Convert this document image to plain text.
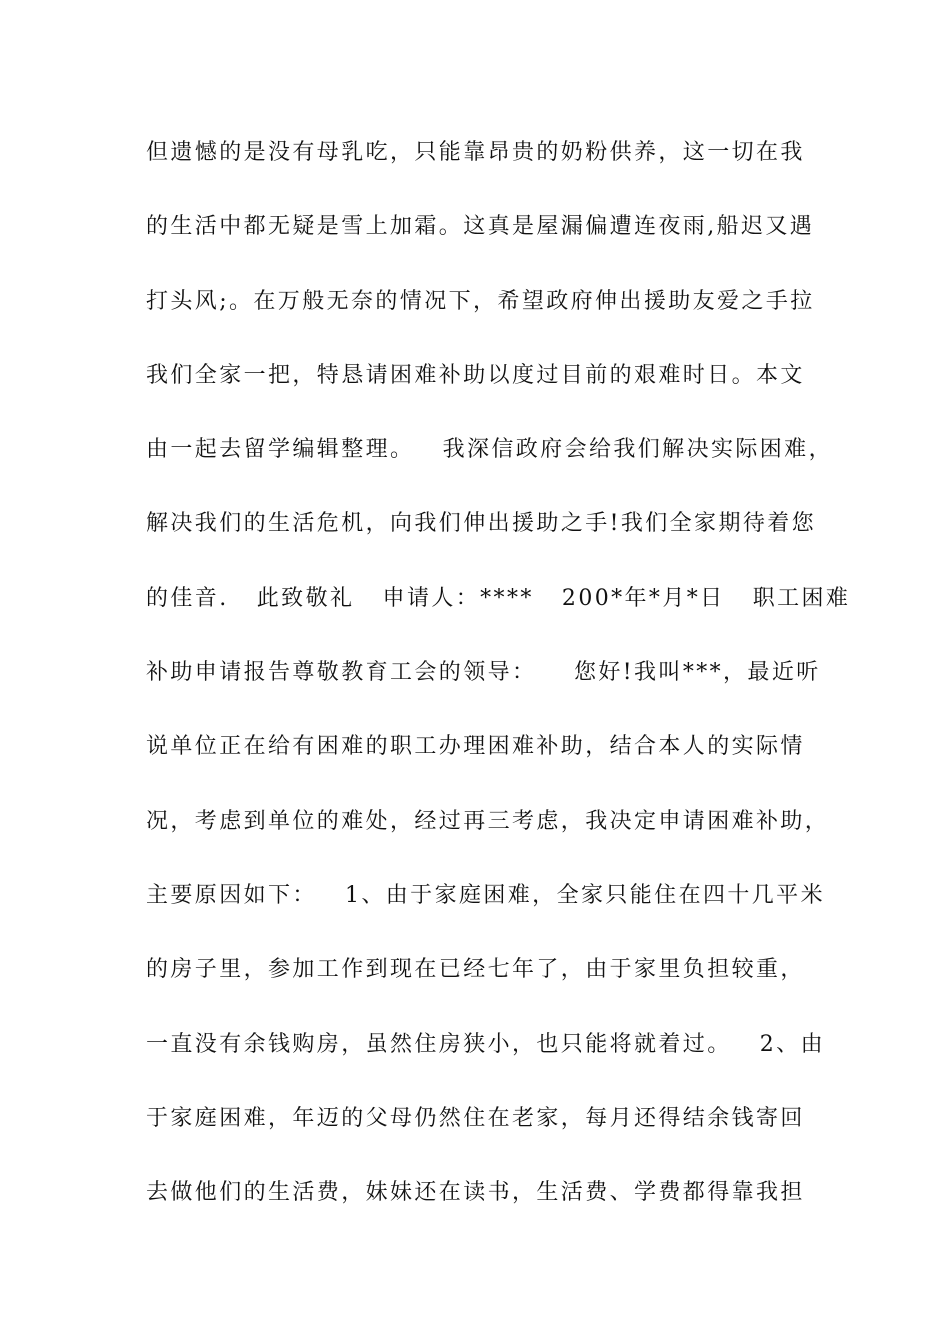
但遗憾的是没有母乳吃，只能靠昂贵的奶粉供养，这一切在我
的生活中都无疑是雪上加霜。这真是屋漏偏遭连夜雨,船迟又遇
打头风;。在万般无奈的情况下，希望政府伸出援助友爱之手拉
我们全家一把，特恳请困难补助以度过目前的艰难时日。本文
由一起去留学编辑整理。   我深信政府会给我们解决实际困难，
解决我们的生活危机，向我们伸出援助之手!我们全家期待着您
的佳音.   此致敬礼   申请人：****   200*年*月*日   职工困难
补助申请报告尊敬教育工会的领导：    您好!我叫***，最近听
说单位正在给有困难的职工办理困难补助，结合本人的实际情
况，考虑到单位的难处，经过再三考虑，我决定申请困难补助，
主要原因如下：   1、由于家庭困难，全家只能住在四十几平米
的房子里，参加工作到现在已经七年了，由于家里负担较重，
一直没有余钱购房，虽然住房狭小，也只能将就着过。   2、由
于家庭困难，年迈的父母仍然住在老家，每月还得结余钱寄回
去做他们的生活费，妹妹还在读书，生活费、学费都得靠我担
